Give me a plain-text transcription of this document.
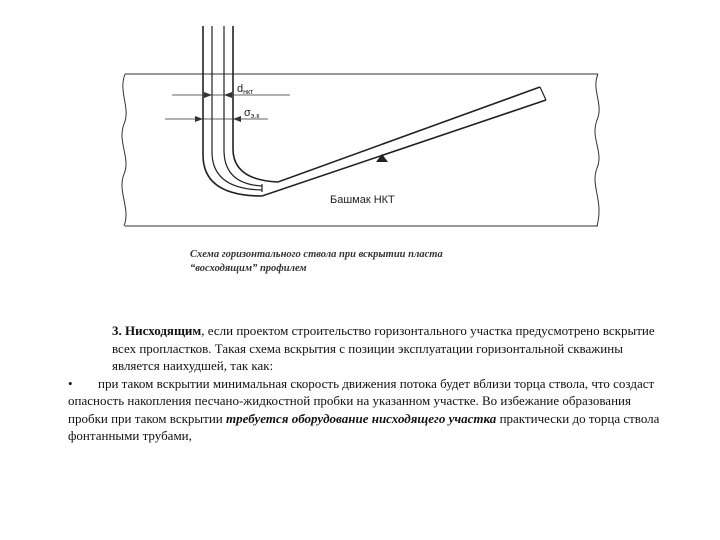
dнкт
σэ.к
Башмак НКТ
Схема горизонтального ствола при вскрытии пласта
“восходящим” профилем

3. Нисходящим, если проектом строительство горизонтального участка предусмотрено вскрытие всех пропластков. Такая схема вскрытия с позиции эксплуатации горизонтальной скважины является наихудшей, так как:

• при таком вскрытии минимальная скорость движения потока будет вблизи торца ствола, что создаст опасность накопления песчано-жидкостной пробки на указанном участке. Во избежание образования пробки при таком вскрытии требуется оборудование нисходящего участка практически до торца ствола фонтанными трубами,
